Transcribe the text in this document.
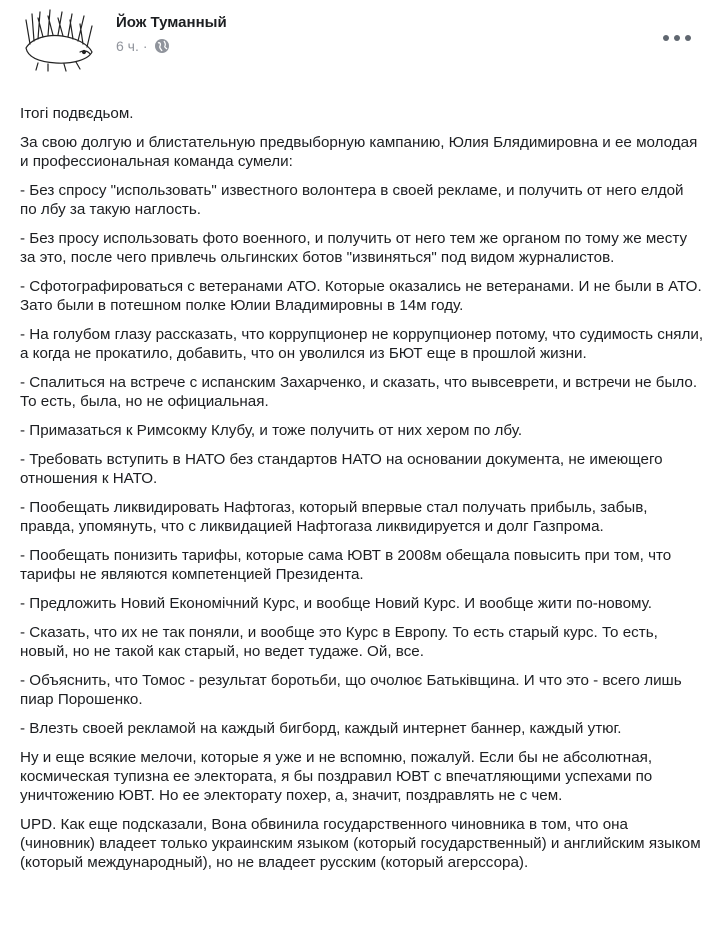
Йож Туманный
6 ч. ·

Ітогі подвєдьом.

За свою долгую и блистательную предвыборную кампанию, Юлия Блядимировна и ее молодая и профессиональная команда сумели:

- Без спросу "использовать" известного волонтера в своей рекламе, и получить от него елдой по лбу за такую наглость.

- Без просу использовать фото военного, и получить от него тем же органом по тому же месту за это, после чего привлечь ольгинских ботов "извиняться" под видом журналистов.

- Сфотографироваться с ветеранами АТО. Которые оказались не ветеранами. И не были в АТО. Зато были в потешном полке Юлии Владимировны в 14м году.

- На голубом глазу рассказать, что коррупционер не коррупционер потому, что судимость сняли, а когда не прокатило, добавить, что он уволился из БЮТ еще в прошлой жизни.

- Спалиться на встрече с испанским Захарченко, и сказать, что вывсеврети, и встречи не было. То есть, была, но не официальная.

- Примазаться к Римсокму Клубу, и тоже получить от них хером по лбу.

- Требовать вступить в НАТО без стандартов НАТО на основании документа, не имеющего отношения к НАТО.

- Пообещать ликвидировать Нафтогаз, который впервые стал получать прибыль, забыв, правда, упомянуть, что с ликвидацией Нафтогаза ликвидируется и долг Газпрома.

- Пообещать понизить тарифы, которые сама ЮВТ в 2008м обещала повысить при том, что тарифы не являются компетенцией Президента.

- Предложить Новий Економічний Курс, и вообще Новий Курс. И вообще жити по-новому.

- Сказать, что их не так поняли, и вообще это Курс в Европу. То есть старый курс. То есть, новый, но не такой как старый, но ведет тудаже. Ой, все.

- Объяснить, что Томос - результат боротьби, що очолює Батьківщина. И что это - всего лишь пиар Порошенко.

- Влезть своей рекламой на каждый бигборд, каждый интернет баннер, каждый утюг.

Ну и еще всякие мелочи, которые я уже и не вспомню, пожалуй. Если бы не абсолютная, космическая тупизна ее электората, я бы поздравил ЮВТ с впечатляющими успехами по уничтожению ЮВТ. Но ее электорату похер, а, значит, поздравлять не с чем.

UPD. Как еще подсказали, Вона обвинила государственного чиновника в том, что она (чиновник) владеет только украинским языком (который государственный) и английским языком (который международный), но не владеет русским (который агерссора).
